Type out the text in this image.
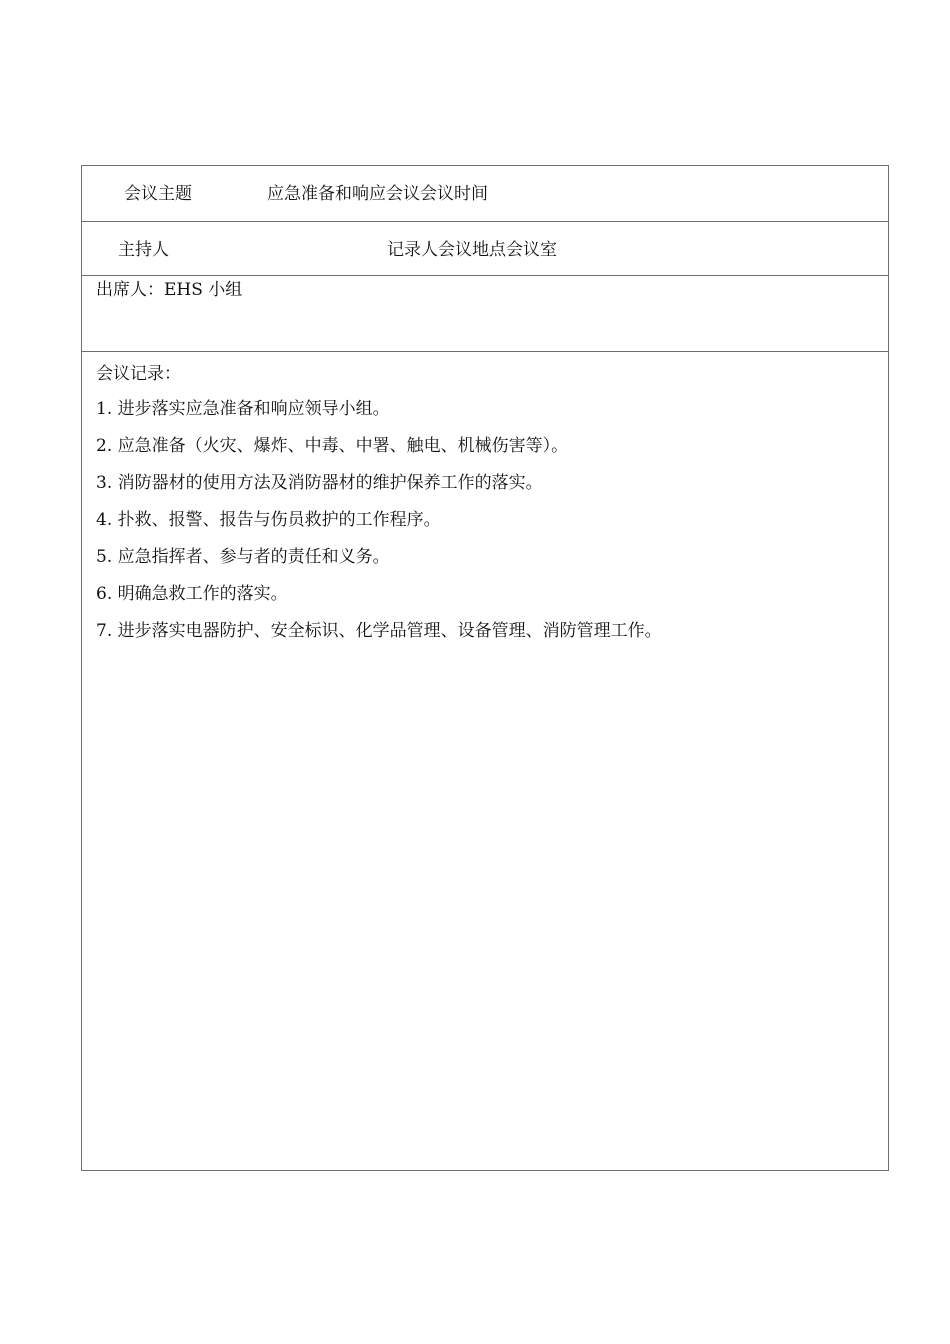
会议主题	应急准备和响应会议会议时间
主持人	记录人会议地点会议室
出席人：EHS 小组
会议记录：
1. 进步落实应急准备和响应领导小组。
2. 应急准备（火灾、爆炸、中毒、中署、触电、机械伤害等）。
3. 消防器材的使用方法及消防器材的维护保养工作的落实。
4. 扑救、报警、报告与伤员救护的工作程序。
5. 应急指挥者、参与者的责任和义务。
6. 明确急救工作的落实。
7. 进步落实电器防护、安全标识、化学品管理、设备管理、消防管理工作。
